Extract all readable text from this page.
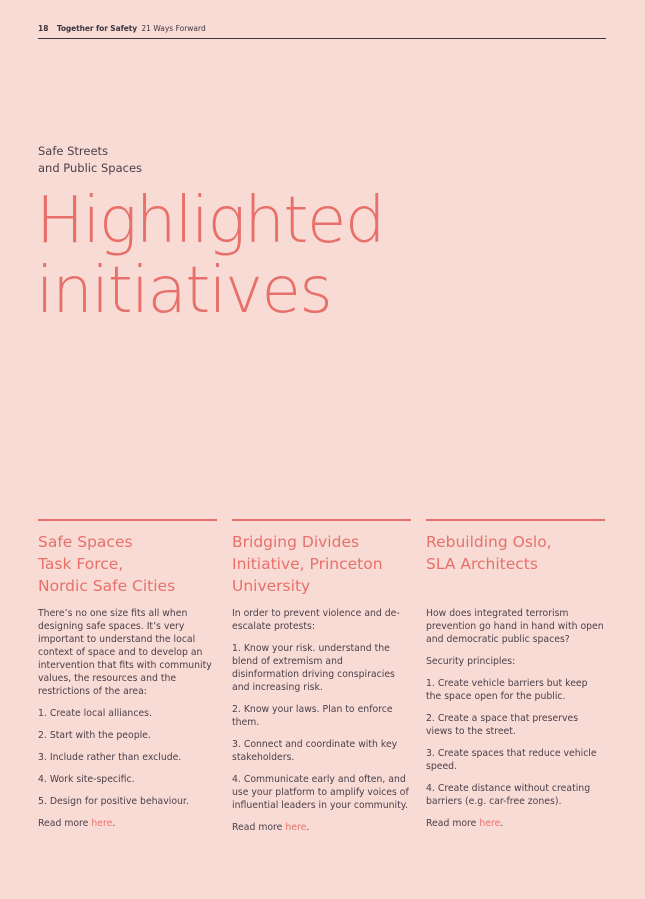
18 Together for Safety 21 Ways Forward
Safe Streets
and Public Spaces
Highlighted
initiatives
Safe Spaces
Task Force,
Nordic Safe Cities

There’s no one size fits all when designing safe spaces. It’s very important to understand the local context of space and to develop an intervention that fits with community values, the resources and the restrictions of the area:

1. Create local alliances.

2. Start with the people.

3. Include rather than exclude.

4. Work site-specific.

5. Design for positive behaviour.

Read more here.

Bridging Divides
Initiative, Princeton
University

In order to prevent violence and de-escalate protests:

1. Know your risk. understand the blend of extremism and disinformation driving conspiracies and increasing risk.

2. Know your laws. Plan to enforce them.

3. Connect and coordinate with key stakeholders.

4. Communicate early and often, and use your platform to amplify voices of influential leaders in your community.

Read more here.

Rebuilding Oslo,
SLA Architects

How does integrated terrorism prevention go hand in hand with open and democratic public spaces?

Security principles:

1. Create vehicle barriers but keep the space open for the public.

2. Create a space that preserves views to the street.

3. Create spaces that reduce vehicle speed.

4. Create distance without creating barriers (e.g. car-free zones).

Read more here.
